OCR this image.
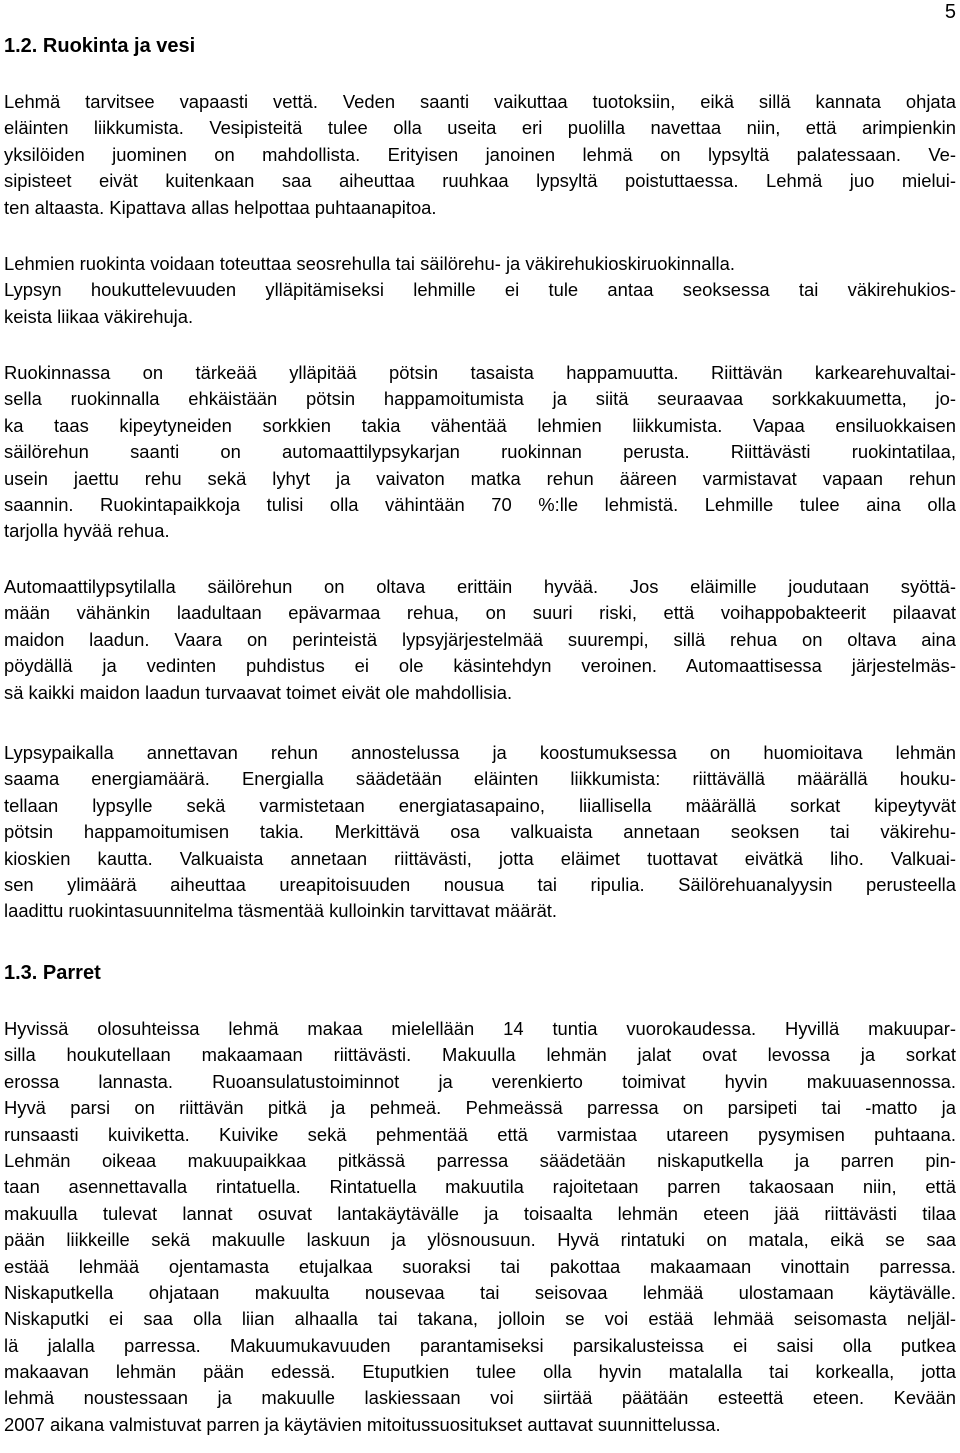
5
1.2. Ruokinta ja vesi
Lehmä tarvitsee vapaasti vettä. Veden saanti vaikuttaa tuotoksiin, eikä sillä kannata ohjata
eläinten liikkumista. Vesipisteitä tulee olla useita eri puolilla navettaa niin, että arimpienkin
yksilöiden juominen on mahdollista. Erityisen janoinen lehmä on lypsyltä palatessaan. Ve-
sipisteet eivät kuitenkaan saa aiheuttaa ruuhkaa lypsyltä poistuttaessa. Lehmä juo mielui-
ten altaasta. Kipattava allas helpottaa puhtaanapitoa.
Lehmien ruokinta voidaan toteuttaa seosrehulla tai säilörehu- ja väkirehukioskiruokinnalla.
Lypsyn houkuttelevuuden ylläpitämiseksi lehmille ei tule antaa seoksessa tai väkirehukios-
keista liikaa väkirehuja.
Ruokinnassa on tärkeää ylläpitää pötsin tasaista happamuutta. Riittävän karkearehuvaltai-
sella ruokinnalla ehkäistään pötsin happamoitumista ja siitä seuraavaa sorkkakuumetta, jo-
ka taas kipeytyneiden sorkkien takia vähentää lehmien liikkumista. Vapaa ensiluokkaisen
säilörehun saanti on automaattilypsykarjan ruokinnan perusta. Riittävästi ruokintatilaa,
usein jaettu rehu sekä lyhyt ja vaivaton matka rehun ääreen varmistavat vapaan rehun
saannin. Ruokintapaikkoja tulisi olla vähintään 70 %:lle lehmistä. Lehmille tulee aina olla
tarjolla hyvää rehua.
Automaattilypsytilalla säilörehun on oltava erittäin hyvää. Jos eläimille joudutaan syöttä-
mään vähänkin laadultaan epävarmaa rehua, on suuri riski, että voihappobakteerit pilaavat
maidon laadun. Vaara on perinteistä lypsyjärjestelmää suurempi, sillä rehua on oltava aina
pöydällä ja vedinten puhdistus ei ole käsintehdyn veroinen. Automaattisessa järjestelmäs-
sä kaikki maidon laadun turvaavat toimet eivät ole mahdollisia.
Lypsypaikalla annettavan rehun annostelussa ja koostumuksessa on huomioitava lehmän
saama energiamäärä. Energialla säädetään eläinten liikkumista: riittävällä määrällä houku-
tellaan lypsylle sekä varmistetaan energiatasapaino, liiallisella määrällä sorkat kipeytyvät
pötsin happamoitumisen takia. Merkittävä osa valkuaista annetaan seoksen tai väkirehu-
kioskien kautta. Valkuaista annetaan riittävästi, jotta eläimet tuottavat eivätkä liho. Valkuai-
sen ylimäärä aiheuttaa ureapitoisuuden nousua tai ripulia. Säilörehuanalyysin perusteella
laadittu ruokintasuunnitelma täsmentää kulloinkin tarvittavat määrät.
1.3. Parret
Hyvissä olosuhteissa lehmä makaa mielellään 14 tuntia vuorokaudessa. Hyvillä makuupar-
silla houkutellaan makaamaan riittävästi. Makuulla lehmän jalat ovat levossa ja sorkat
erossa lannasta. Ruoansulatustoiminnot ja verenkierto toimivat hyvin makuuasennossa.
Hyvä parsi on riittävän pitkä ja pehmeä. Pehmeässä parressa on parsipeti tai -matto ja
runsaasti kuiviketta. Kuivike sekä pehmentää että varmistaa utareen pysymisen puhtaana.
Lehmän oikeaa makuupaikkaa pitkässä parressa säädetään niskaputkella ja parren pin-
taan asennettavalla rintatuella. Rintatuella makuutila rajoitetaan parren takaosaan niin, että
makuulla tulevat lannat osuvat lantakäytävälle ja toisaalta lehmän eteen jää riittävästi tilaa
pään liikkeille sekä makuulle laskuun ja ylösnousuun. Hyvä rintatuki on matala, eikä se saa
estää lehmää ojentamasta etujalkaa suoraksi tai pakottaa makaamaan vinottain parressa.
Niskaputkella ohjataan makuulta nousevaa tai seisovaa lehmää ulostamaan käytävälle.
Niskaputki ei saa olla liian alhaalla tai takana, jolloin se voi estää lehmää seisomasta neljäl-
lä jalalla parressa. Makuumukavuuden parantamiseksi parsikalusteissa ei saisi olla putkea
makaavan lehmän pään edessä. Etuputkien tulee olla hyvin matalalla tai korkealla, jotta
lehmä noustessaan ja makuulle laskiessaan voi siirtää päätään esteettä eteen. Kevään
2007 aikana valmistuvat parren ja käytävien mitoitussuositukset auttavat suunnittelussa.
